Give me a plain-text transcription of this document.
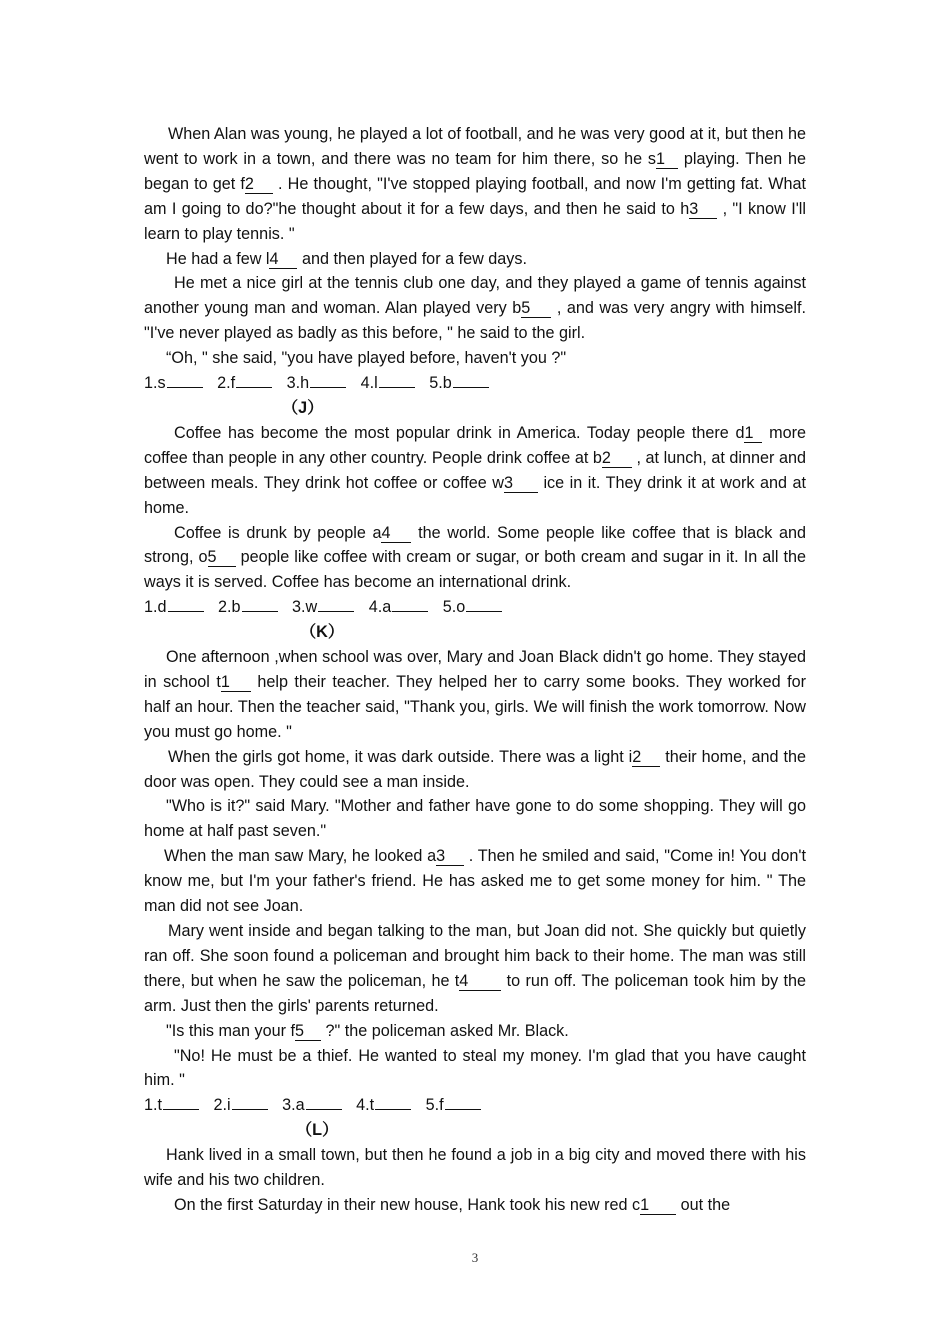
When Alan was young, he played a lot of football, and he was very good at it, but then he went to work in a town, and there was no team for him there, so he s1 playing. Then he began to get f2 . He thought, "I've stopped playing football, and now I'm getting fat. What am I going to do?"he thought about it for a few days, and then he said to h3 , "I know I'll learn to play tennis. "

He had a few l4 and then played for a few days.

He met a nice girl at the tennis club one day, and they played a game of tennis against another young man and woman. Alan played very b5 , and was very angry with himself. "I've never played as badly as this before, " he said to the girl.

“Oh, " she said, "you have played before, haven't you ?"

1.s	2.f	3.h	4.l	5.b

（J）

Coffee has become the most popular drink in America. Today people there d1 more coffee than people in any other country. People drink coffee at b2 , at lunch, at dinner and between meals. They drink hot coffee or coffee w3 ice in it. They drink it at work and at home.

Coffee is drunk by people a4 the world. Some people like coffee that is black and strong, o5 people like coffee with cream or sugar, or both cream and sugar in it. In all the ways it is served. Coffee has become an international drink.

1.d	2.b	3.w	4.a	5.o

（K）

One afternoon ,when school was over, Mary and Joan Black didn't go home. They stayed in school t1 help their teacher. They helped her to carry some books. They worked for half an hour. Then the teacher said, "Thank you, girls. We will finish the work tomorrow. Now you must go home. "

When the girls got home, it was dark outside. There was a light i2 their home, and the door was open. They could see a man inside.

"Who is it?" said Mary. "Mother and father have gone to do some shopping. They will go home at half past seven."

When the man saw Mary, he looked a3 . Then he smiled and said, "Come in! You don't know me, but I'm your father's friend. He has asked me to get some money for him. " The man did not see Joan.

Mary went inside and began talking to the man, but Joan did not. She quickly but quietly ran off. She soon found a policeman and brought him back to their home. The man was still there, but when he saw the policeman, he t4 to run off. The policeman took him by the arm. Just then the girls' parents returned.

"Is this man your f5 ?" the policeman asked Mr. Black.

"No! He must be a thief. He wanted to steal my money. I'm glad that you have caught him. "

1.t	2.i	3.a	4.t	5.f

（L）

Hank lived in a small town, but then he found a job in a big city and moved there with his wife and his two children.

On the first Saturday in their new house, Hank took his new red c1 out the

3
